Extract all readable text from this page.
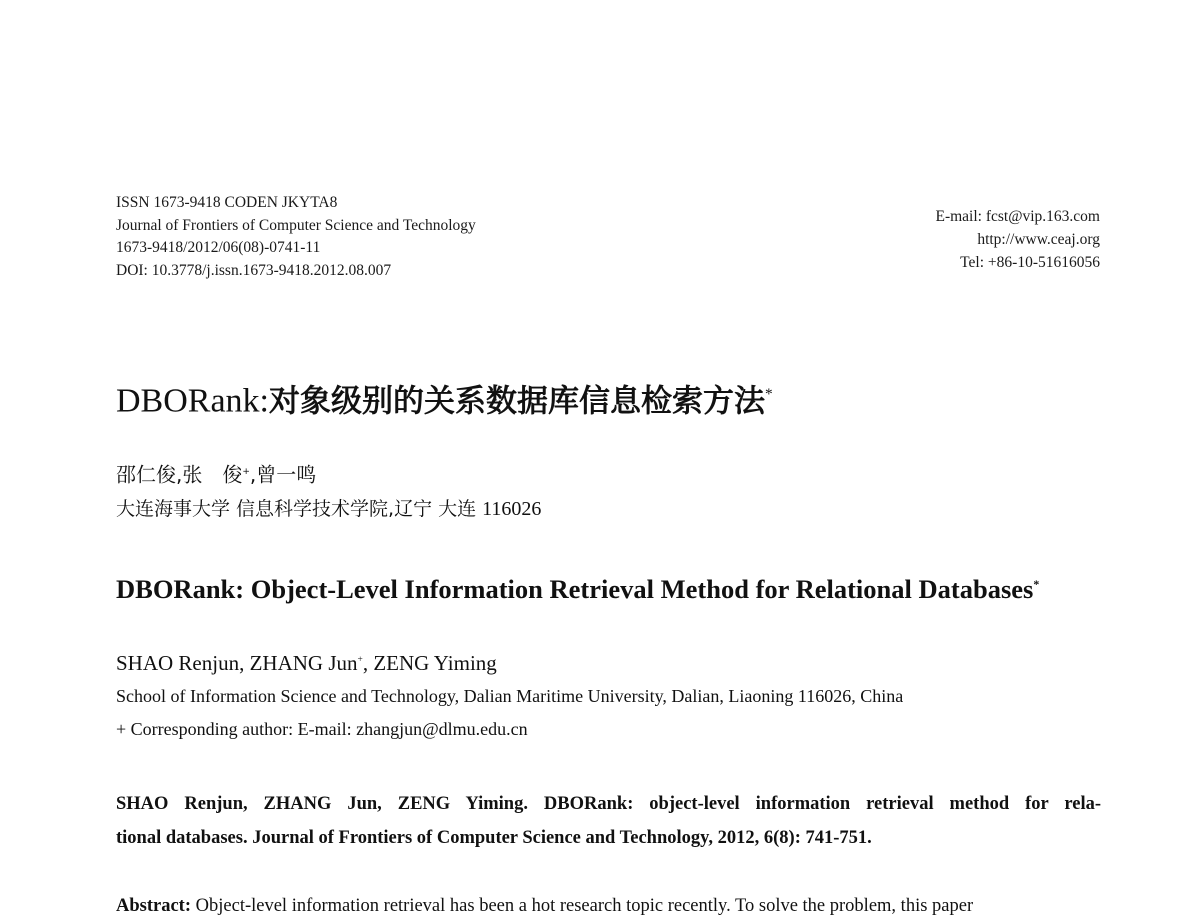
ISSN 1673-9418 CODEN JKYTA8
Journal of Frontiers of Computer Science and Technology
1673-9418/2012/06(08)-0741-11
DOI: 10.3778/j.issn.1673-9418.2012.08.007
E-mail: fcst@vip.163.com
http://www.ceaj.org
Tel: +86-10-51616056
DBORank:对象级别的关系数据库信息检索方法*
邵仁俊,张　俊+,曾一鸣
大连海事大学 信息科学技术学院,辽宁 大连 116026
DBORank: Object-Level Information Retrieval Method for Relational Databases*
SHAO Renjun, ZHANG Jun+, ZENG Yiming
School of Information Science and Technology, Dalian Maritime University, Dalian, Liaoning 116026, China
+ Corresponding author: E-mail: zhangjun@dlmu.edu.cn
SHAO Renjun, ZHANG Jun, ZENG Yiming. DBORank: object-level information retrieval method for rela-
tional databases. Journal of Frontiers of Computer Science and Technology, 2012, 6(8): 741-751.
Abstract: Object-level information retrieval has been a hot research topic recently. To solve the problem, this paper
